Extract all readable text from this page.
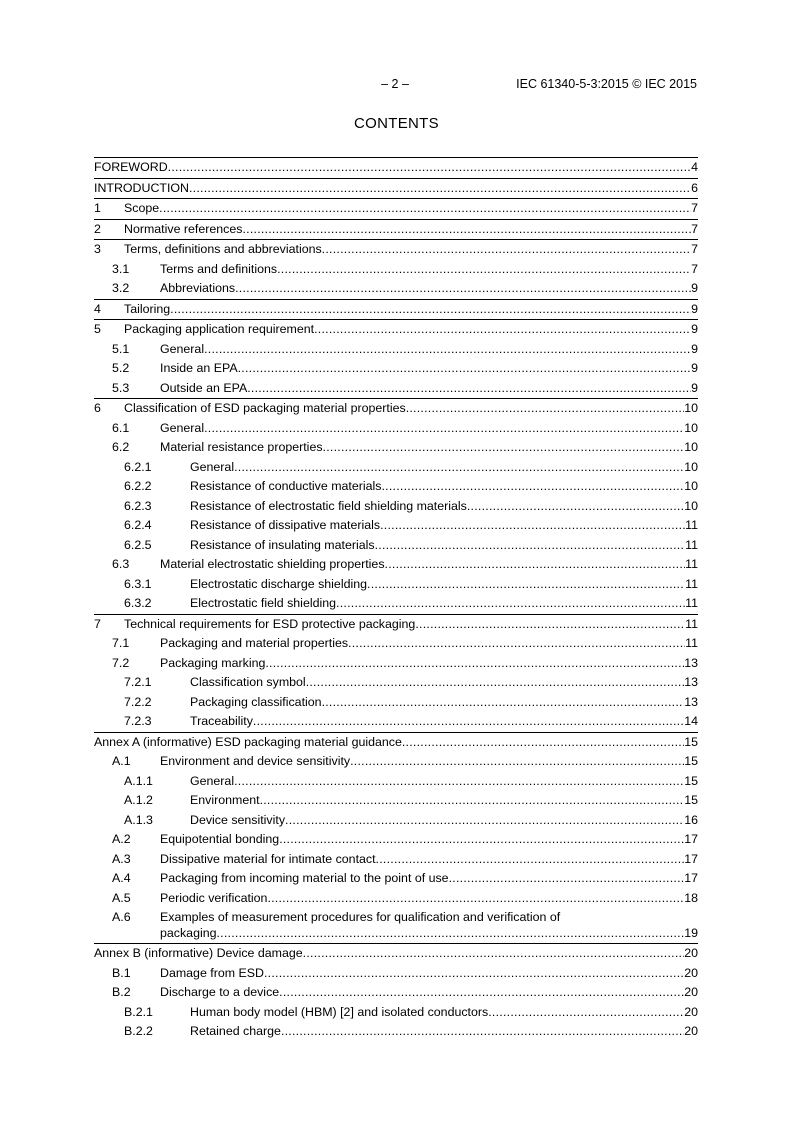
– 2 –	IEC 61340-5-3:2015 © IEC 2015
CONTENTS
FOREWORD . . .	4
INTRODUCTION . . .	6
1 Scope . . .	7
2 Normative references . . .	7
3 Terms, definitions and abbreviations . . .	7
3.1 Terms and definitions . . .	7
3.2 Abbreviations . . .	9
4 Tailoring . . .	9
5 Packaging application requirement . . .	9
5.1 General . . .	9
5.2 Inside an EPA . . .	9
5.3 Outside an EPA . . .	9
6 Classification of ESD packaging material properties . . .	10
6.1 General . . .	10
6.2 Material resistance properties . . .	10
6.2.1	General . . .	10
6.2.2	Resistance of conductive materials . . .	10
6.2.3	Resistance of electrostatic field shielding materials . . .	10
6.2.4	Resistance of dissipative materials . . .	11
6.2.5	Resistance of insulating materials . . .	11
6.3 Material electrostatic shielding properties . . .	11
6.3.1	Electrostatic discharge shielding . . .	11
6.3.2	Electrostatic field shielding . . .	11
7 Technical requirements for ESD protective packaging . . .	11
7.1 Packaging and material properties . . .	11
7.2 Packaging marking . . .	13
7.2.1	Classification symbol . . .	13
7.2.2	Packaging classification . . .	13
7.2.3	Traceability . . .	14
Annex A (informative) ESD packaging material guidance . . .	15
A.1 Environment and device sensitivity . . .	15
A.1.1	General . . .	15
A.1.2	Environment . . .	15
A.1.3	Device sensitivity . . .	16
A.2 Equipotential bonding . . .	17
A.3 Dissipative material for intimate contact . . .	17
A.4 Packaging from incoming material to the point of use . . .	17
A.5 Periodic verification . . .	18
A.6 Examples of measurement procedures for qualification and verification of
packaging . . .	19
Annex B (informative) Device damage . . .	20
B.1 Damage from ESD . . .	20
B.2 Discharge to a device . . .	20
B.2.1	Human body model (HBM) [2] and isolated conductors . . .	20
B.2.2	Retained charge . . .	20
